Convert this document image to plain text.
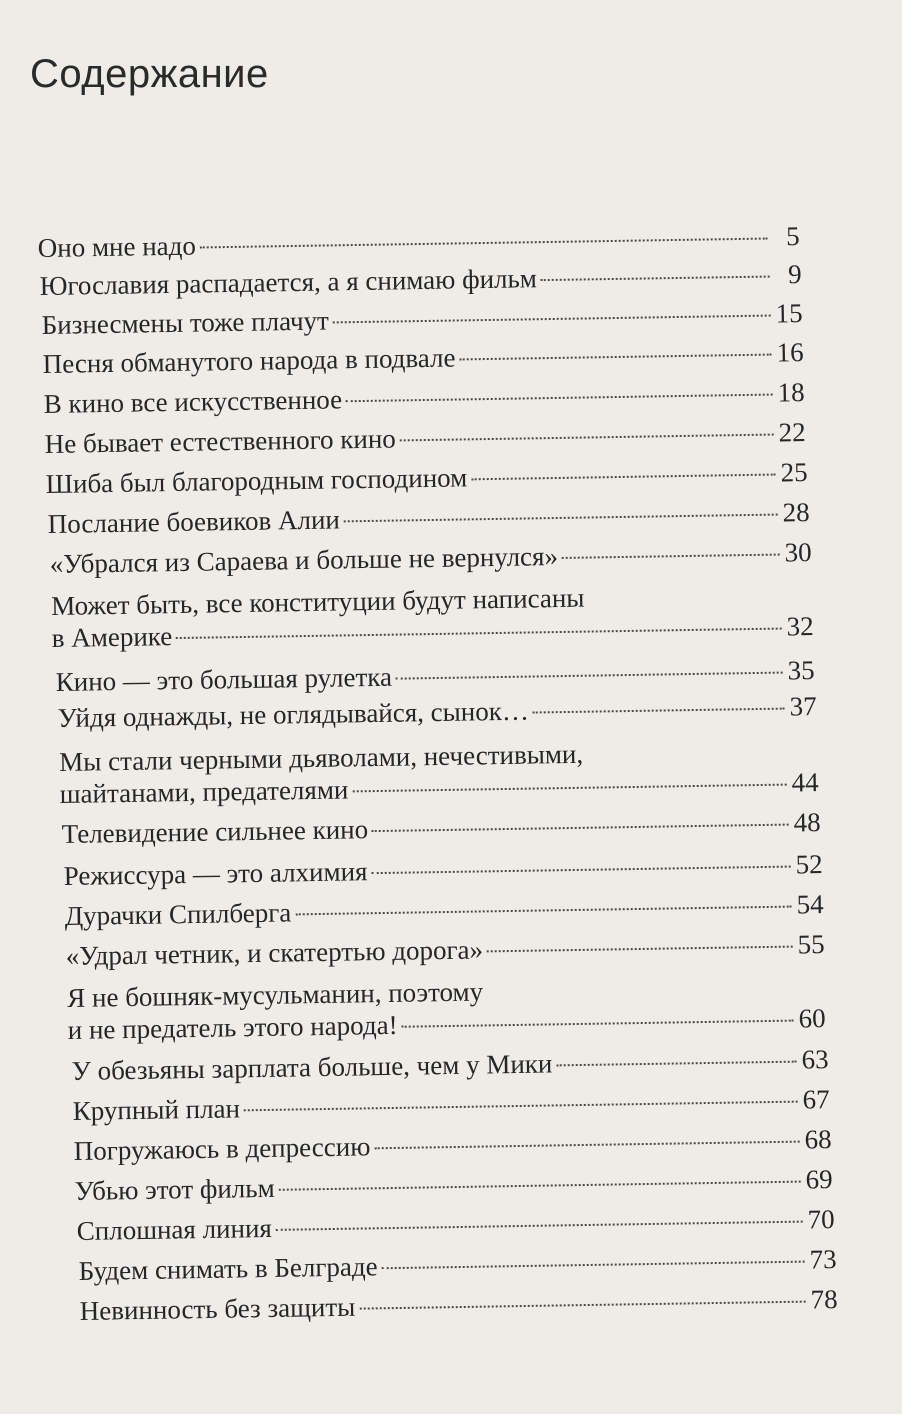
Содержание
Оно мне надо	5
Югославия распадается, а я снимаю фильм	9
Бизнесмены тоже плачут	15
Песня обманутого народа в подвале	16
В кино все искусственное	18
Не бывает естественного кино	22
Шиба был благородным господином	25
Послание боевиков Алии	28
«Убрался из Сараева и больше не вернулся»	30
Может быть, все конституции будут написаны
в Америке	32
Кино — это большая рулетка	35
Уйдя однажды, не оглядывайся, сынок…	37
Мы стали черными дьяволами, нечестивыми,
шайтанами, предателями	44
Телевидение сильнее кино	48
Режиссура — это алхимия	52
Дурачки Спилберга	54
«Удрал четник, и скатертью дорога»	55
Я не бошняк-мусульманин, поэтому
и не предатель этого народа!	60
У обезьяны зарплата больше, чем у Мики	63
Крупный план	67
Погружаюсь в депрессию	68
Убью этот фильм	69
Сплошная линия	70
Будем снимать в Белграде	73
Невинность без защиты	78
